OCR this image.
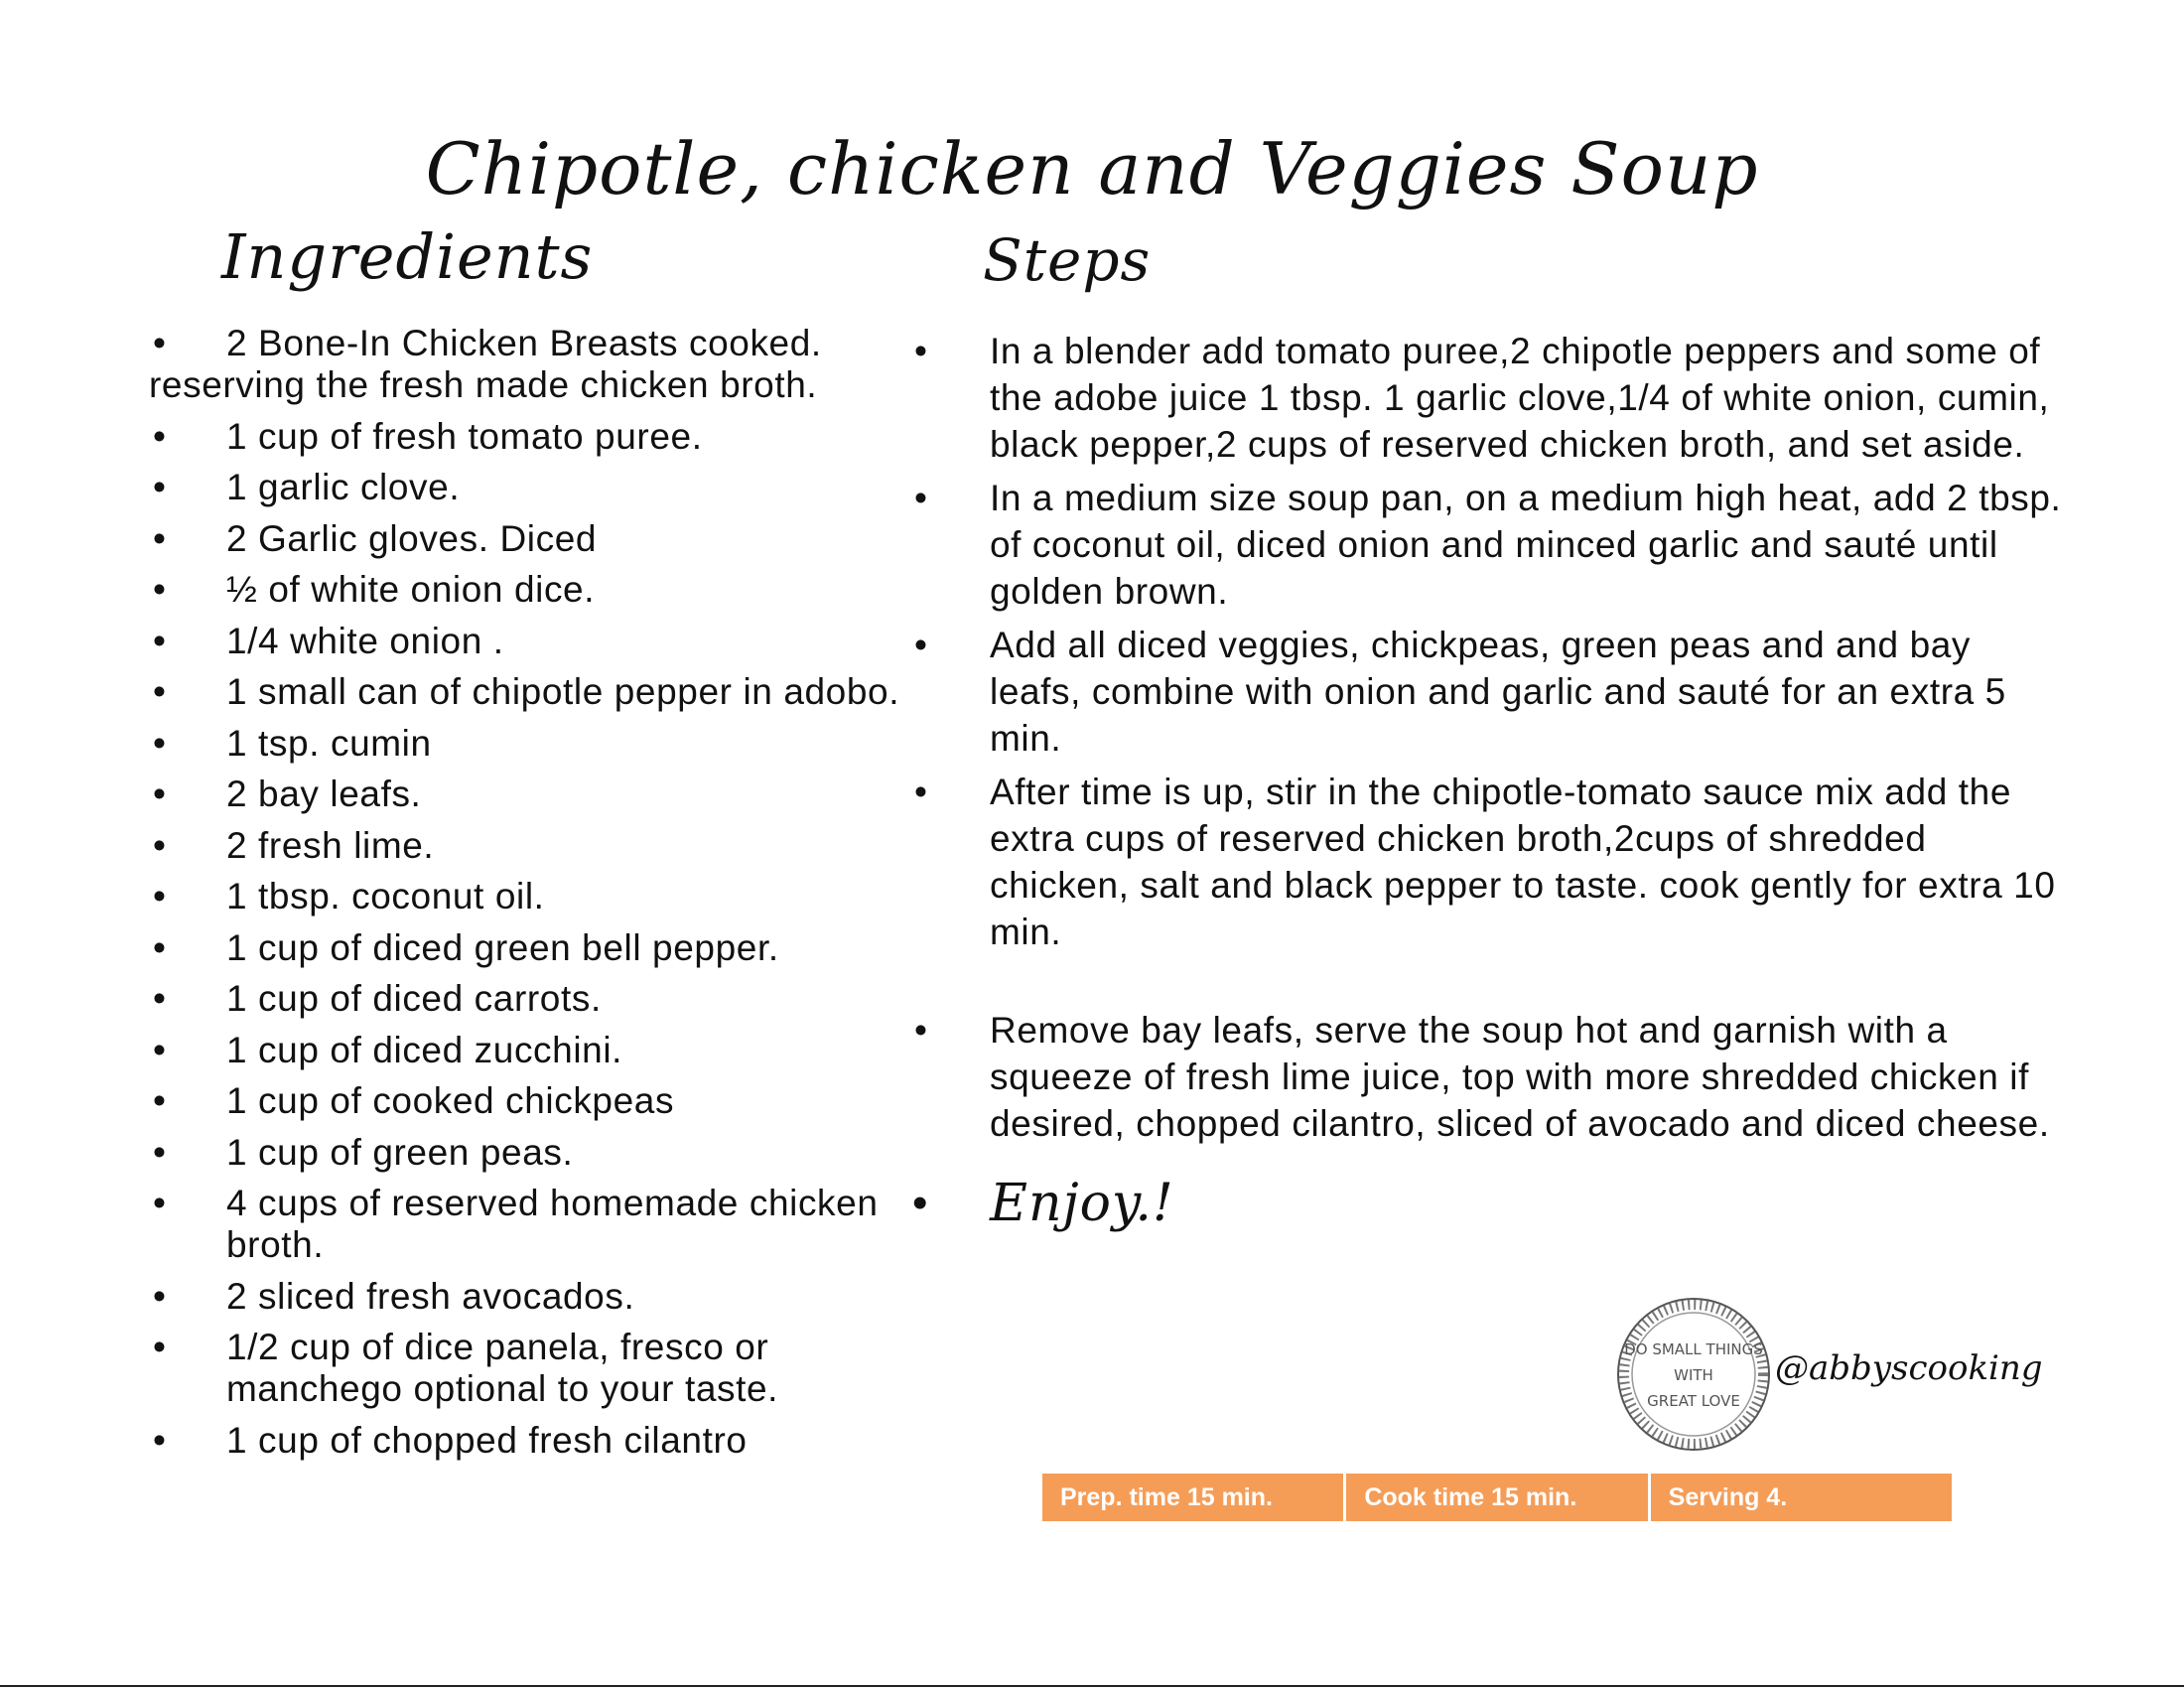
Chipotle, chicken and Veggies Soup
Ingredients	Steps

• 2 Bone-In Chicken Breasts cooked.

reserving the fresh made chicken broth.

• 1 cup of fresh tomato puree.
• 1 garlic clove.
• 2 Garlic gloves. Diced
• ½ of white onion dice.
• 1/4 white onion .
• 1 small can of chipotle pepper in adobo.
• 1 tsp. cumin
• 2 bay leafs.
• 2 fresh lime.
• 1 tbsp. coconut oil.
• 1 cup of diced green bell pepper.
• 1 cup of diced carrots.
• 1 cup of diced zucchini.
• 1 cup of cooked chickpeas
• 1 cup of green peas.
• 4 cups of reserved homemade chicken broth.
• 2 sliced fresh avocados.
• 1/2 cup of dice panela, fresco or manchego optional to your taste.
• 1 cup of chopped fresh cilantro
• In a blender add tomato puree,2 chipotle peppers and some of the adobe juice 1 tbsp. 1 garlic clove,1/4 of white onion, cumin, black pepper,2 cups of reserved chicken broth, and set aside.
• In a medium size soup pan, on a medium high heat, add 2 tbsp. of coconut oil, diced onion and minced garlic and sauté until golden brown.
• Add all diced veggies, chickpeas, green peas and and bay leafs, combine with onion and garlic and sauté for an extra 5 min.
• After time is up, stir in the chipotle-tomato sauce mix add the extra cups of reserved chicken broth,2cups of shredded chicken, salt and black pepper to taste. cook gently for extra 10 min.
• Remove bay leafs, serve the soup hot and garnish with a squeeze of fresh lime juice, top with more shredded chicken if desired, chopped cilantro, sliced of avocado and diced cheese.
• Enjoy.!
DO SMALL THINGS
WITH
GREAT LOVE

@abbyscooking

Prep. time 15 min.	Cook time 15 min.	Serving 4.
